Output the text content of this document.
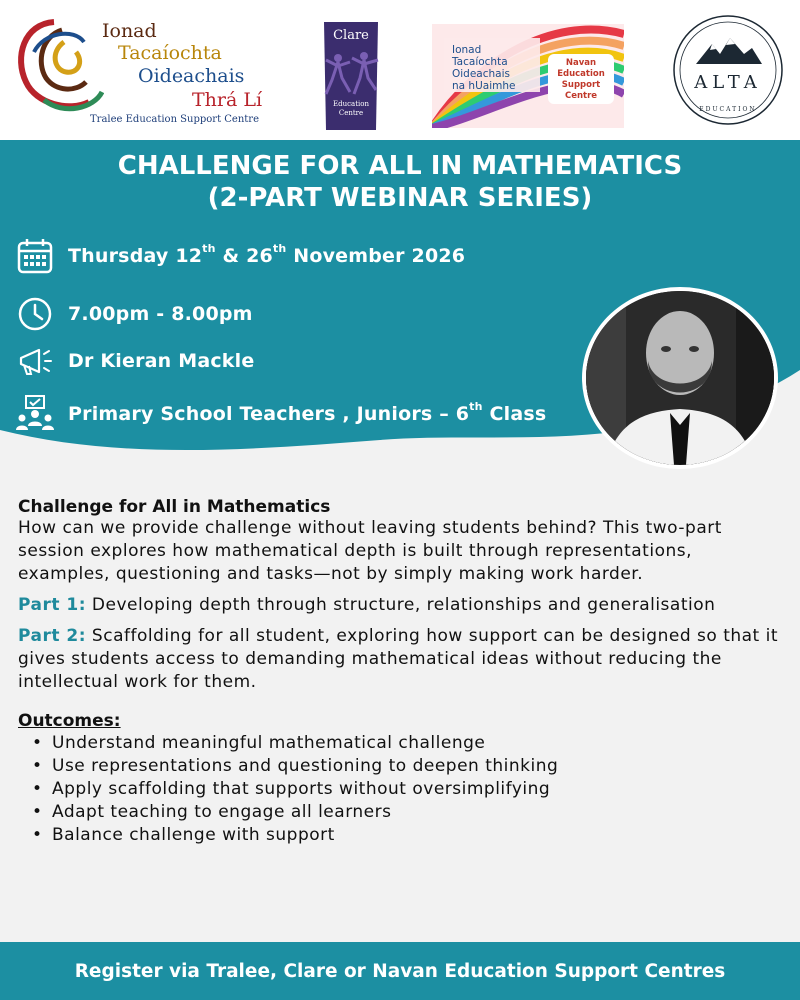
Ionad
Tacaíochta
Oideachais
Thrá Lí
Tralee Education Support Centre
Clare
Education Centre
Ionad
Tacaíochta
Oideachais
na hUaimhe
Navan
Education
Support Centre
ALTA
EDUCATION
CHALLENGE FOR ALL IN MATHEMATICS
(2-PART WEBINAR SERIES)
Thursday 12th & 26th November 2026
7.00pm - 8.00pm
Dr Kieran Mackle
Primary School Teachers , Juniors – 6th Class
Challenge for All in Mathematics

How can we provide challenge without leaving students behind? This two-part session explores how mathematical depth is built through representations, examples, questioning and tasks—not by simply making work harder.

Part 1: Developing depth through structure, relationships and generalisation

Part 2: Scaffolding for all student, exploring how support can be designed so that it gives students access to demanding mathematical ideas without reducing the intellectual work for them.

Outcomes:
• Understand meaningful mathematical challenge
• Use representations and questioning to deepen thinking
• Apply scaffolding that supports without oversimplifying
• Adapt teaching to engage all learners
• Balance challenge with support
Register via Tralee, Clare or Navan Education Support Centres
